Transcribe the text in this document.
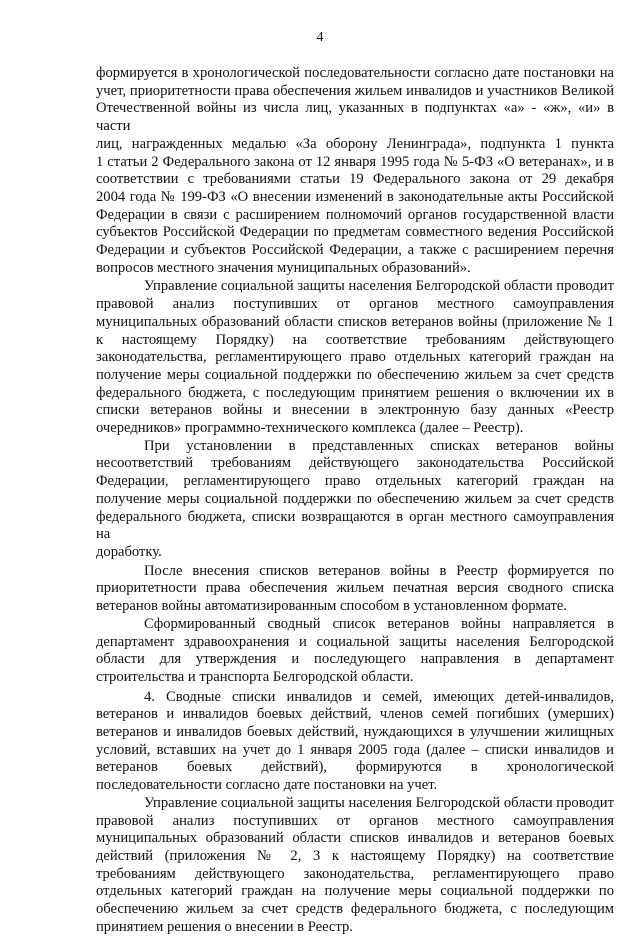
4

формируется в хронологической последовательности согласно дате постановки на
учет, приоритетности права обеспечения жильем инвалидов и участников Великой
Отечественной войны из числа лиц, указанных в подпунктах «а» - «ж», «и» в части
лиц, награжденных медалью «За оборону Ленинграда», подпункта 1 пункта
1 статьи 2 Федерального закона от 12 января 1995 года № 5-ФЗ «О ветеранах», и в
соответствии с требованиями статьи 19 Федерального закона от 29 декабря
2004 года № 199-ФЗ «О внесении изменений в законодательные акты Российской
Федерации в связи с расширением полномочий органов государственной власти
субъектов Российской Федерации по предметам совместного ведения Российской
Федерации и субъектов Российской Федерации, а также с расширением перечня
вопросов местного значения муниципальных образований».

Управление социальной защиты населения Белгородской области проводит
правовой анализ поступивших от органов местного самоуправления
муниципальных образований области списков ветеранов войны (приложение № 1
к настоящему Порядку) на соответствие требованиям действующего
законодательства, регламентирующего право отдельных категорий граждан на
получение меры социальной поддержки по обеспечению жильем за счет средств
федерального бюджета, с последующим принятием решения о включении их в
списки ветеранов войны и внесении в электронную базу данных «Реестр
очередников» программно-технического комплекса (далее – Реестр).

При установлении в представленных списках ветеранов войны
несоответствий требованиям действующего законодательства Российской
Федерации, регламентирующего право отдельных категорий граждан на
получение меры социальной поддержки по обеспечению жильем за счет средств
федерального бюджета, списки возвращаются в орган местного самоуправления на
доработку.

После внесения списков ветеранов войны в Реестр формируется по
приоритетности права обеспечения жильем печатная версия сводного списка
ветеранов войны автоматизированным способом в установленном формате.

Сформированный сводный список ветеранов войны направляется в
департамент здравоохранения и социальной защиты населения Белгородской
области для утверждения и последующего направления в департамент
строительства и транспорта Белгородской области.

4. Сводные списки инвалидов и семей, имеющих детей-инвалидов,
ветеранов и инвалидов боевых действий, членов семей погибших (умерших)
ветеранов и инвалидов боевых действий, нуждающихся в улучшении жилищных
условий, вставших на учет до 1 января 2005 года (далее – списки инвалидов и
ветеранов боевых действий), формируются в хронологической
последовательности согласно дате постановки на учет.

Управление социальной защиты населения Белгородской области проводит
правовой анализ поступивших от органов местного самоуправления
муниципальных образований области списков инвалидов и ветеранов боевых
действий (приложения № 2, 3 к настоящему Порядку) на соответствие
требованиям действующего законодательства, регламентирующего право
отдельных категорий граждан на получение меры социальной поддержки по
обеспечению жильем за счет средств федерального бюджета, с последующим
принятием решения о внесении в Реестр.
